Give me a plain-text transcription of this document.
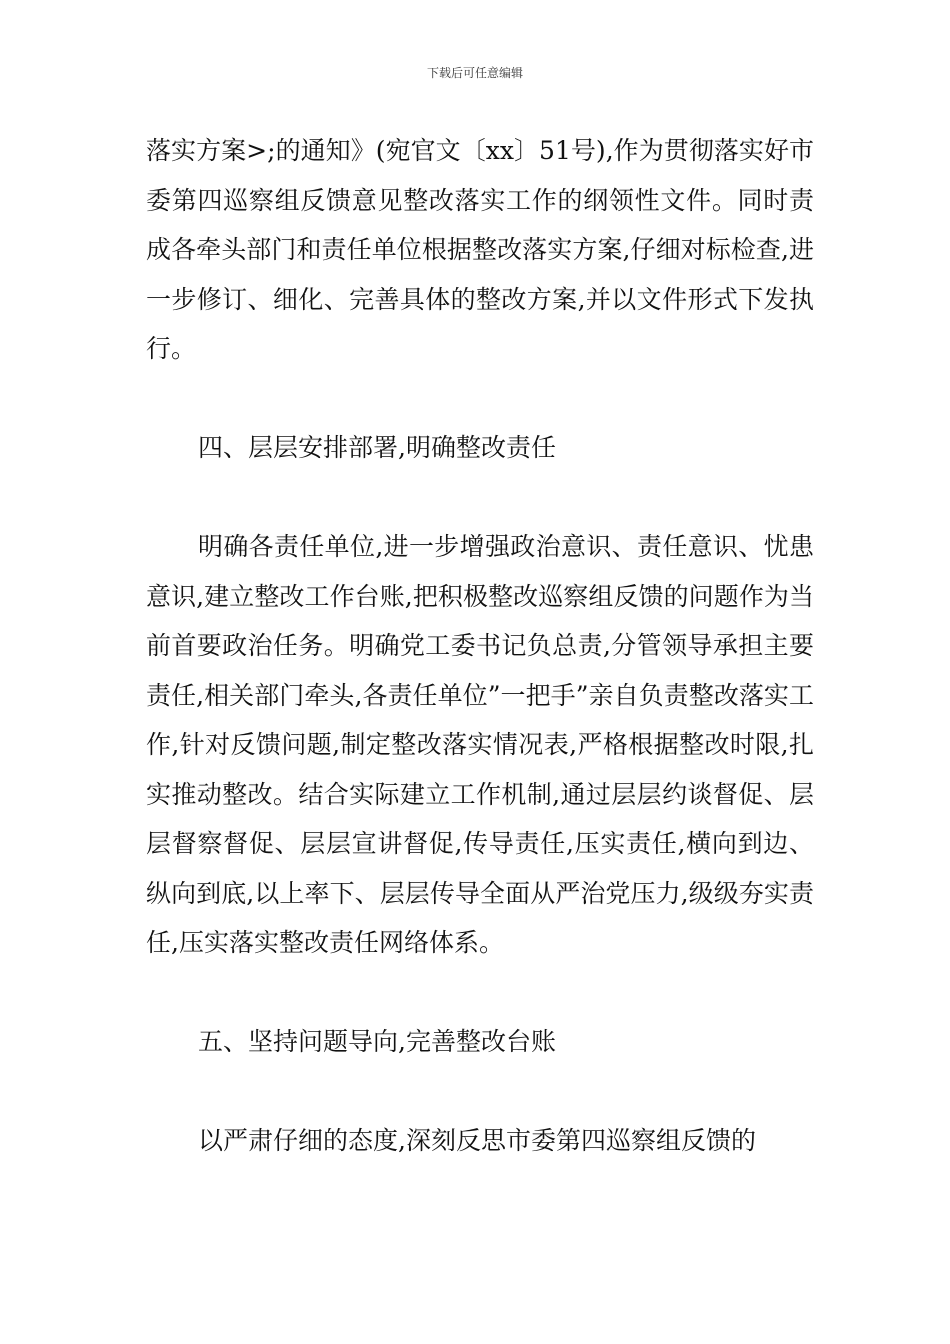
下载后可任意编辑

落实方案>;的通知》(宛官文〔xx〕51号),作为贯彻落实好市委第四巡察组反馈意见整改落实工作的纲领性文件。同时责成各牵头部门和责任单位根据整改落实方案,仔细对标检查,进一步修订、细化、完善具体的整改方案,并以文件形式下发执行。

四、层层安排部署,明确整改责任

明确各责任单位,进一步增强政治意识、责任意识、忧患意识,建立整改工作台账,把积极整改巡察组反馈的问题作为当前首要政治任务。明确党工委书记负总责,分管领导承担主要责任,相关部门牵头,各责任单位”一把手”亲自负责整改落实工作,针对反馈问题,制定整改落实情况表,严格根据整改时限,扎实推动整改。结合实际建立工作机制,通过层层约谈督促、层层督察督促、层层宣讲督促,传导责任,压实责任,横向到边、纵向到底,以上率下、层层传导全面从严治党压力,级级夯实责任,压实落实整改责任网络体系。

五、坚持问题导向,完善整改台账

以严肃仔细的态度,深刻反思市委第四巡察组反馈的
